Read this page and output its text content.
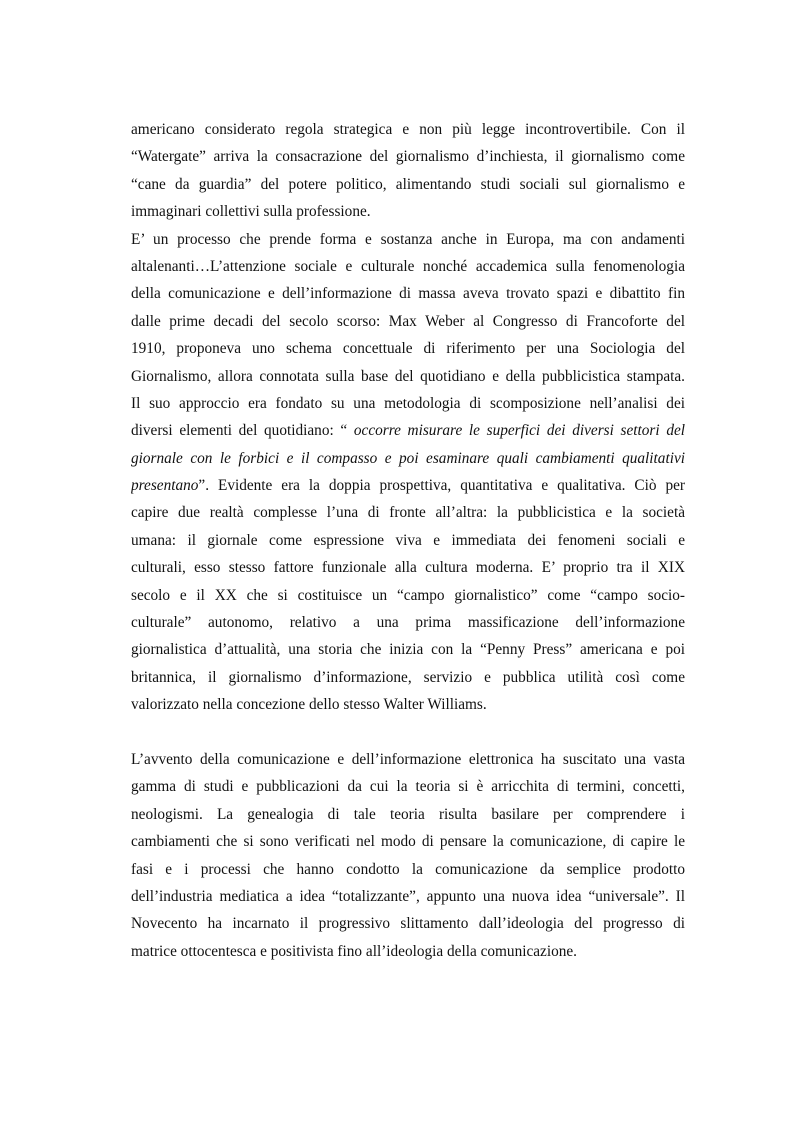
americano considerato regola strategica e non più legge incontrovertibile. Con il
“Watergate” arriva la consacrazione del giornalismo d’inchiesta, il giornalismo come
“cane da guardia” del potere politico, alimentando studi sociali sul giornalismo e
immaginari collettivi sulla professione.
E’ un processo che prende forma e sostanza anche in Europa, ma con andamenti
altalenanti…L’attenzione sociale e culturale nonché accademica sulla fenomenologia
della comunicazione e dell’informazione di massa aveva trovato spazi e dibattito fin
dalle prime decadi del secolo scorso: Max Weber al Congresso di Francoforte del
1910, proponeva uno schema concettuale di riferimento per una Sociologia del
Giornalismo, allora connotata sulla base del quotidiano e della pubblicistica stampata.
Il suo approccio era fondato su una metodologia di scomposizione nell’analisi dei
diversi elementi del quotidiano: “ occorre misurare le superfici dei diversi settori del
giornale con le forbici e il compasso e poi esaminare quali cambiamenti qualitativi
presentano”. Evidente era la doppia prospettiva, quantitativa e qualitativa. Ciò per
capire due realtà complesse l’una di fronte all’altra: la pubblicistica e la società
umana: il giornale come espressione viva e immediata dei fenomeni sociali e
culturali, esso stesso fattore funzionale alla cultura moderna. E’ proprio tra il XIX
secolo e il XX che si costituisce un “campo giornalistico” come “campo socio-
culturale” autonomo, relativo a una prima massificazione dell’informazione
giornalistica d’attualità, una storia che inizia con la “Penny Press” americana e poi
britannica, il giornalismo d’informazione, servizio e pubblica utilità così come
valorizzato nella concezione dello stesso Walter Williams.
L’avvento della comunicazione e dell’informazione elettronica ha suscitato una vasta
gamma di studi e pubblicazioni da cui la teoria si è arricchita di termini, concetti,
neologismi. La genealogia di tale teoria risulta basilare per comprendere i
cambiamenti che si sono verificati nel modo di pensare la comunicazione, di capire le
fasi e i processi che hanno condotto la comunicazione da semplice prodotto
dell’industria mediatica a idea “totalizzante”, appunto una nuova idea “universale”. Il
Novecento ha incarnato il progressivo slittamento dall’ideologia del progresso di
matrice ottocentesca e positivista fino all’ideologia della comunicazione.
